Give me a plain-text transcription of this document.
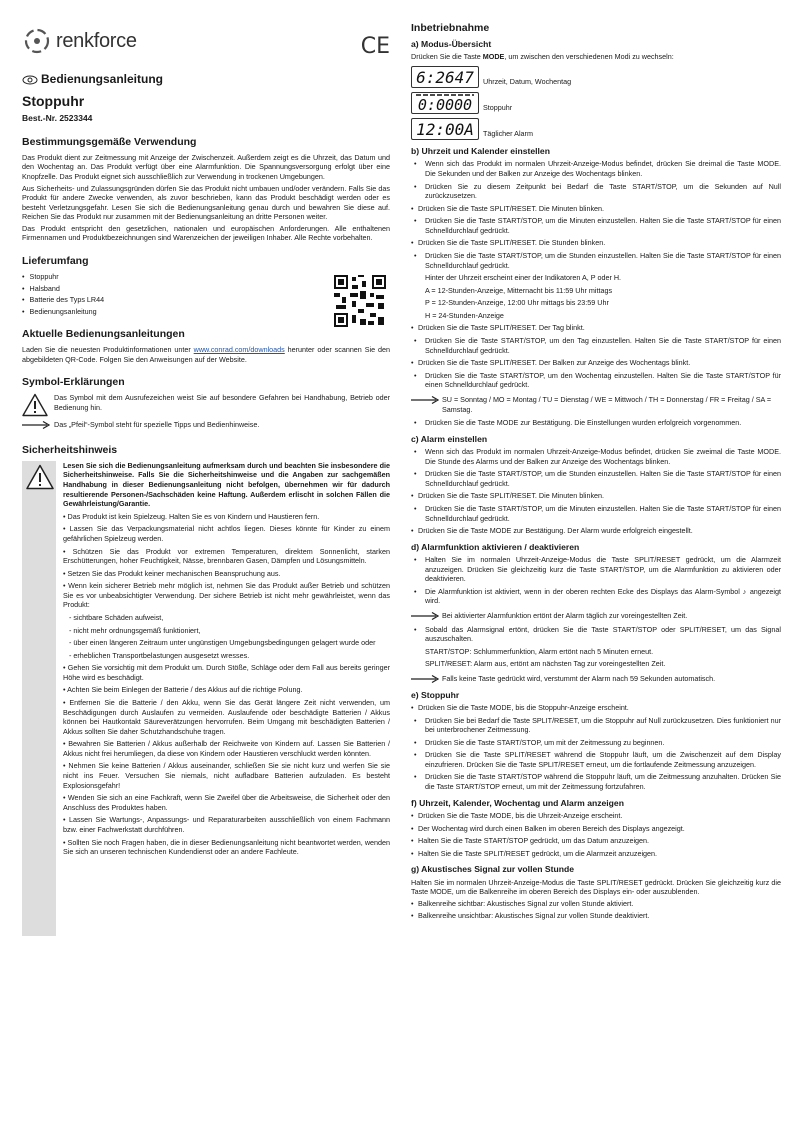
renkforce	CE
Bedienungsanleitung
Stoppuhr
Best.-Nr. 2523344
Bestimmungsgemäße Verwendung

Das Produkt dient zur Zeitmessung mit Anzeige der Zwischenzeit. Außerdem zeigt es die Uhrzeit, das Datum und den Wochentag an. Das Produkt verfügt über eine Alarmfunktion. Die Spannungsversorgung erfolgt über eine Knopfzelle. Das Produkt eignet sich ausschließlich zur Verwendung in trockenen Umgebungen.

Aus Sicherheits- und Zulassungsgründen dürfen Sie das Produkt nicht umbauen und/oder verändern. Falls Sie das Produkt für andere Zwecke verwenden, als zuvor beschrieben, kann das Produkt beschädigt werden oder es besteht Verletzungsgefahr. Lesen Sie sich die Bedienungsanleitung genau durch und bewahren Sie diese auf. Reichen Sie das Produkt nur zusammen mit der Bedienungsanleitung an dritte Personen weiter.

Das Produkt entspricht den gesetzlichen, nationalen und europäischen Anforderungen. Alle enthaltenen Firmennamen und Produktbezeichnungen sind Warenzeichen der jeweiligen Inhaber. Alle Rechte vorbehalten.

Lieferumfang
• Stoppuhr
• Halsband
• Batterie des Typs LR44
• Bedienungsanleitung
Aktuelle Bedienungsanleitungen

Laden Sie die neuesten Produktinformationen unter www.conrad.com/downloads herunter oder scannen Sie den abgebildeten QR-Code. Folgen Sie den Anweisungen auf der Website.

Symbol-Erklärungen

Das Symbol mit dem Ausrufezeichen weist Sie auf besondere Gefahren bei Handhabung, Betrieb oder Bedienung hin.

Das „Pfeil“-Symbol steht für spezielle Tipps und Bedienhinweise.

Sicherheitshinweis

Lesen Sie sich die Bedienungsanleitung aufmerksam durch und beachten Sie insbesondere die Sicherheitshinweise. Falls Sie die Sicherheitshinweise und die Angaben zur sachgemäßen Handhabung in dieser Bedienungsanleitung nicht befolgen, übernehmen wir für dadurch resultierende Personen-/Sachschäden keine Haftung. Außerdem erlischt in solchen Fällen die Gewährleistung/Garantie.

• Das Produkt ist kein Spielzeug. Halten Sie es von Kindern und Haustieren fern.

• Lassen Sie das Verpackungsmaterial nicht achtlos liegen. Dieses könnte für Kinder zu einem gefährlichen Spielzeug werden.

• Schützen Sie das Produkt vor extremen Temperaturen, direktem Sonnenlicht, starken Erschütterungen, hoher Feuchtigkeit, Nässe, brennbaren Gasen, Dämpfen und Lösungsmitteln.

• Setzen Sie das Produkt keiner mechanischen Beanspruchung aus.

• Wenn kein sicherer Betrieb mehr möglich ist, nehmen Sie das Produkt außer Betrieb und schützen Sie es vor unbeabsichtigter Verwendung. Der sichere Betrieb ist nicht mehr gewährleistet, wenn das Produkt:

- sichtbare Schäden aufweist,

- nicht mehr ordnungsgemäß funktioniert,

- über einen längeren Zeitraum unter ungünstigen Umgebungsbedingungen gelagert wurde oder

- erheblichen Transportbelastungen ausgesetzt wresses.

• Gehen Sie vorsichtig mit dem Produkt um. Durch Stöße, Schläge oder dem Fall aus bereits geringer Höhe wird es beschädigt.

• Achten Sie beim Einlegen der Batterie / des Akkus auf die richtige Polung.

• Entfernen Sie die Batterie / den Akku, wenn Sie das Gerät längere Zeit nicht verwenden, um Beschädigungen durch Auslaufen zu vermeiden. Auslaufende oder beschädigte Batterien / Akkus können bei Hautkontakt Säureverätzungen hervorrufen. Beim Umgang mit beschädigten Batterien / Akkus sollten Sie daher Schutzhandschuhe tragen.

• Bewahren Sie Batterien / Akkus außerhalb der Reichweite von Kindern auf. Lassen Sie Batterien / Akkus nicht frei herumliegen, da diese von Kindern oder Haustieren verschluckt werden könnten.

• Nehmen Sie keine Batterien / Akkus auseinander, schließen Sie sie nicht kurz und werfen Sie sie nicht ins Feuer. Versuchen Sie niemals, nicht aufladbare Batterien aufzuladen. Es besteht Explosionsgefahr!

• Wenden Sie sich an eine Fachkraft, wenn Sie Zweifel über die Arbeitsweise, die Sicherheit oder den Anschluss des Produktes haben.

• Lassen Sie Wartungs-, Anpassungs- und Reparaturarbeiten ausschließlich von einem Fachmann bzw. einer Fachwerkstatt durchführen.

• Sollten Sie noch Fragen haben, die in dieser Bedienungsanleitung nicht beantwortet werden, wenden Sie sich an unseren technischen Kundendienst oder an andere Fachleute.

Inbetriebnahme
a) Modus-Übersicht

Drücken Sie die Taste MODE, um zwischen den verschiedenen Modi zu wechseln:

6:2647 Uhrzeit, Datum, Wochentag
0:0000 Stoppuhr
12:00A Täglicher Alarm
b) Uhrzeit und Kalender einstellen
• Wenn sich das Produkt im normalen Uhrzeit-Anzeige-Modus befindet, drücken Sie dreimal die Taste MODE. Die Sekunden und der Balken zur Anzeige des Wochentags blinken.
• Drücken Sie zu diesem Zeitpunkt bei Bedarf die Taste START/STOP, um die Sekunden auf Null zurückzusetzen.
• Drücken Sie die Taste SPLIT/RESET. Die Minuten blinken.
• Drücken Sie die Taste START/STOP, um die Minuten einzustellen. Halten Sie die Taste START/STOP für einen Schnelldurchlauf gedrückt.
• Drücken Sie die Taste SPLIT/RESET. Die Stunden blinken.
• Drücken Sie die Taste START/STOP, um die Stunden einzustellen. Halten Sie die Taste START/STOP für einen Schnelldurchlauf gedrückt.

Hinter der Uhrzeit erscheint einer der Indikatoren A, P oder H.

A = 12-Stunden-Anzeige, Mitternacht bis 11:59 Uhr mittags

P = 12-Stunden-Anzeige, 12:00 Uhr mittags bis 23:59 Uhr

H = 24-Stunden-Anzeige

• Drücken Sie die Taste SPLIT/RESET. Der Tag blinkt.
• Drücken Sie die Taste START/STOP, um den Tag einzustellen. Halten Sie die Taste START/STOP für einen Schnelldurchlauf gedrückt.
• Drücken Sie die Taste SPLIT/RESET. Der Balken zur Anzeige des Wochentags blinkt.
• Drücken Sie die Taste START/STOP, um den Wochentag einzustellen. Halten Sie die Taste START/STOP für einen Schnelldurchlauf gedrückt.
SU = Sonntag / MO = Montag / TU = Dienstag / WE = Mittwoch / TH = Donnerstag / FR = Freitag / SA = Samstag.
• Drücken Sie die Taste MODE zur Bestätigung. Die Einstellungen wurden erfolgreich vorgenommen.
c) Alarm einstellen
• Wenn sich das Produkt im normalen Uhrzeit-Anzeige-Modus befindet, drücken Sie zweimal die Taste MODE. Die Stunde des Alarms und der Balken zur Anzeige des Wochentags blinken.
• Drücken Sie die Taste START/STOP, um die Stunden einzustellen. Halten Sie die Taste START/STOP für einen Schnelldurchlauf gedrückt.
• Drücken Sie die Taste SPLIT/RESET. Die Minuten blinken.
• Drücken Sie die Taste START/STOP, um die Minuten einzustellen. Halten Sie die Taste START/STOP für einen Schnelldurchlauf gedrückt.
• Drücken Sie die Taste MODE zur Bestätigung. Der Alarm wurde erfolgreich eingestellt.
d) Alarmfunktion aktivieren / deaktivieren
• Halten Sie im normalen Uhrzeit-Anzeige-Modus die Taste SPLIT/RESET gedrückt, um die Alarmzeit anzuzeigen. Drücken Sie gleichzeitig kurz die Taste START/STOP, um die Alarmfunktion zu aktivieren oder deaktivieren.
• Die Alarmfunktion ist aktiviert, wenn in der oberen rechten Ecke des Displays das Alarm-Symbol ♪ angezeigt wird.
Bei aktivierter Alarmfunktion ertönt der Alarm täglich zur voreingestellten Zeit.
• Sobald das Alarmsignal ertönt, drücken Sie die Taste START/STOP oder SPLIT/RESET, um das Signal auszuschalten.

START/STOP: Schlummerfunktion, Alarm ertönt nach 5 Minuten erneut.

SPLIT/RESET: Alarm aus, ertönt am nächsten Tag zur voreingestellten Zeit.

Falls keine Taste gedrückt wird, verstummt der Alarm nach 59 Sekunden automatisch.
e) Stoppuhr
• Drücken Sie die Taste MODE, bis die Stoppuhr-Anzeige erscheint.
• Drücken Sie bei Bedarf die Taste SPLIT/RESET, um die Stoppuhr auf Null zurückzusetzen. Dies funktioniert nur bei unterbrochener Zeitmessung.
• Drücken Sie die Taste START/STOP, um mit der Zeitmessung zu beginnen.
• Drücken Sie die Taste SPLIT/RESET während die Stoppuhr läuft, um die Zwischenzeit auf dem Display einzufrieren. Drücken Sie die Taste SPLIT/RESET erneut, um die fortlaufende Zeitmessung anzuzeigen.
• Drücken Sie die Taste START/STOP während die Stoppuhr läuft, um die Zeitmessung anzuhalten. Drücken Sie die Taste START/STOP erneut, um mit der Zeitmessung fortzufahren.
f) Uhrzeit, Kalender, Wochentag und Alarm anzeigen
• Drücken Sie die Taste MODE, bis die Uhrzeit-Anzeige erscheint.
• Der Wochentag wird durch einen Balken im oberen Bereich des Displays angezeigt.
• Halten Sie die Taste START/STOP gedrückt, um das Datum anzuzeigen.
• Halten Sie die Taste SPLIT/RESET gedrückt, um die Alarmzeit anzuzeigen.
g) Akustisches Signal zur vollen Stunde

Halten Sie im normalen Uhrzeit-Anzeige-Modus die Taste SPLIT/RESET gedrückt. Drücken Sie gleichzeitig kurz die Taste MODE, um die Balkenreihe im oberen Bereich des Displays ein- oder auszublenden.

• Balkenreihe sichtbar: Akustisches Signal zur vollen Stunde aktiviert.
• Balkenreihe unsichtbar: Akustisches Signal zur vollen Stunde deaktiviert.
